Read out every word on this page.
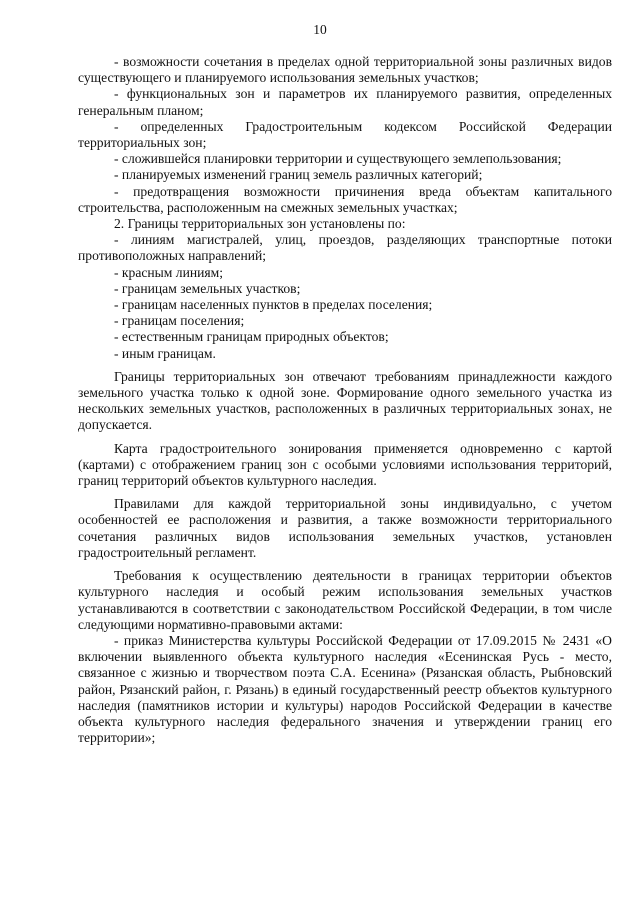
10

- возможности сочетания в пределах одной территориальной зоны различных видов существующего и планируемого использования земельных участков;

- функциональных зон и параметров их планируемого развития, определенных генеральным планом;

- определенных Градостроительным кодексом Российской Федерации территориальных зон;

- сложившейся планировки территории и существующего землепользования;

- планируемых изменений границ земель различных категорий;

- предотвращения возможности причинения вреда объектам капитального строительства, расположенным на смежных земельных участках;

2. Границы территориальных зон установлены по:

- линиям магистралей, улиц, проездов, разделяющих транспортные потоки противоположных направлений;

- красным линиям;

- границам земельных участков;

- границам населенных пунктов в пределах поселения;

- границам поселения;

- естественным границам природных объектов;

- иным границам.

Границы территориальных зон отвечают требованиям принадлежности каждого земельного участка только к одной зоне. Формирование одного земельного участка из нескольких земельных участков, расположенных в различных территориальных зонах, не допускается.

Карта градостроительного зонирования применяется одновременно с картой (картами) с отображением границ зон с особыми условиями использования территорий, границ территорий объектов культурного наследия.

Правилами для каждой территориальной зоны индивидуально, с учетом особенностей ее расположения и развития, а также возможности территориального сочетания различных видов использования земельных участков, установлен градостроительный регламент.

Требования к осуществлению деятельности в границах территории объектов культурного наследия и особый режим использования земельных участков устанавливаются в соответствии с законодательством Российской Федерации, в том числе следующими нормативно-правовыми актами:

- приказ Министерства культуры Российской Федерации от 17.09.2015 № 2431 «О включении выявленного объекта культурного наследия «Есенинская Русь - место, связанное с жизнью и творчеством поэта С.А. Есенина» (Рязанская область, Рыбновский район, Рязанский район, г. Рязань) в единый государственный реестр объектов культурного наследия (памятников истории и культуры) народов Российской Федерации в качестве объекта культурного наследия федерального значения и утверждении границ его территории»;
